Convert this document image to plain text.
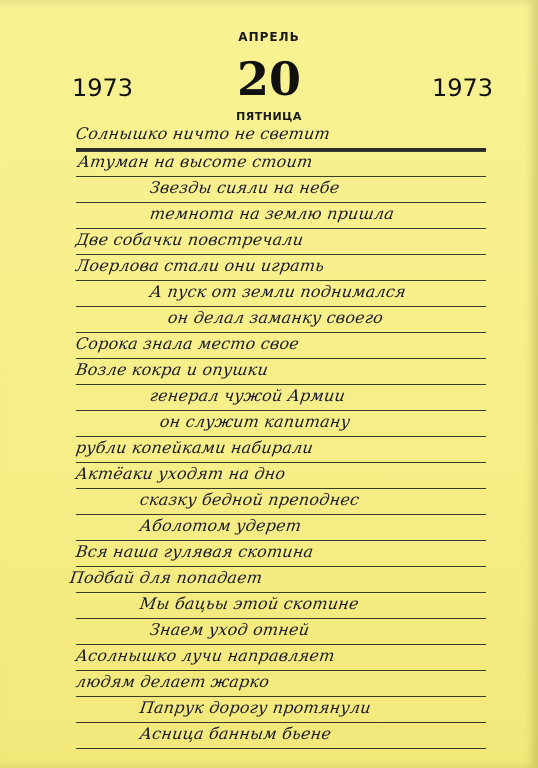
АПРЕЛЬ
1973	20	1973
ПЯТНИЦА
Солнышко ничто не светит
Атуман на высоте стоит
Звезды сияли на небе
темнота на землю пришла
Две собачки повстречали
Лоерлова стали они играть
А пуск от земли поднимался
он делал заманку своего
Сорока знала место свое
Возле кокра и опушки
генерал чужой Армии
он служит капитану
рубли копейками набирали
Актёаки уходят на дно
сказку бедной преподнес
Аболотом удерет
Вся наша гулявая скотина
Подбай для попадает
Мы бацьы этой скотине
Знаем уход отней
Асолнышко лучи направляет
людям делает жарко
Папрук дорогу протянули
Асница банным бьене
